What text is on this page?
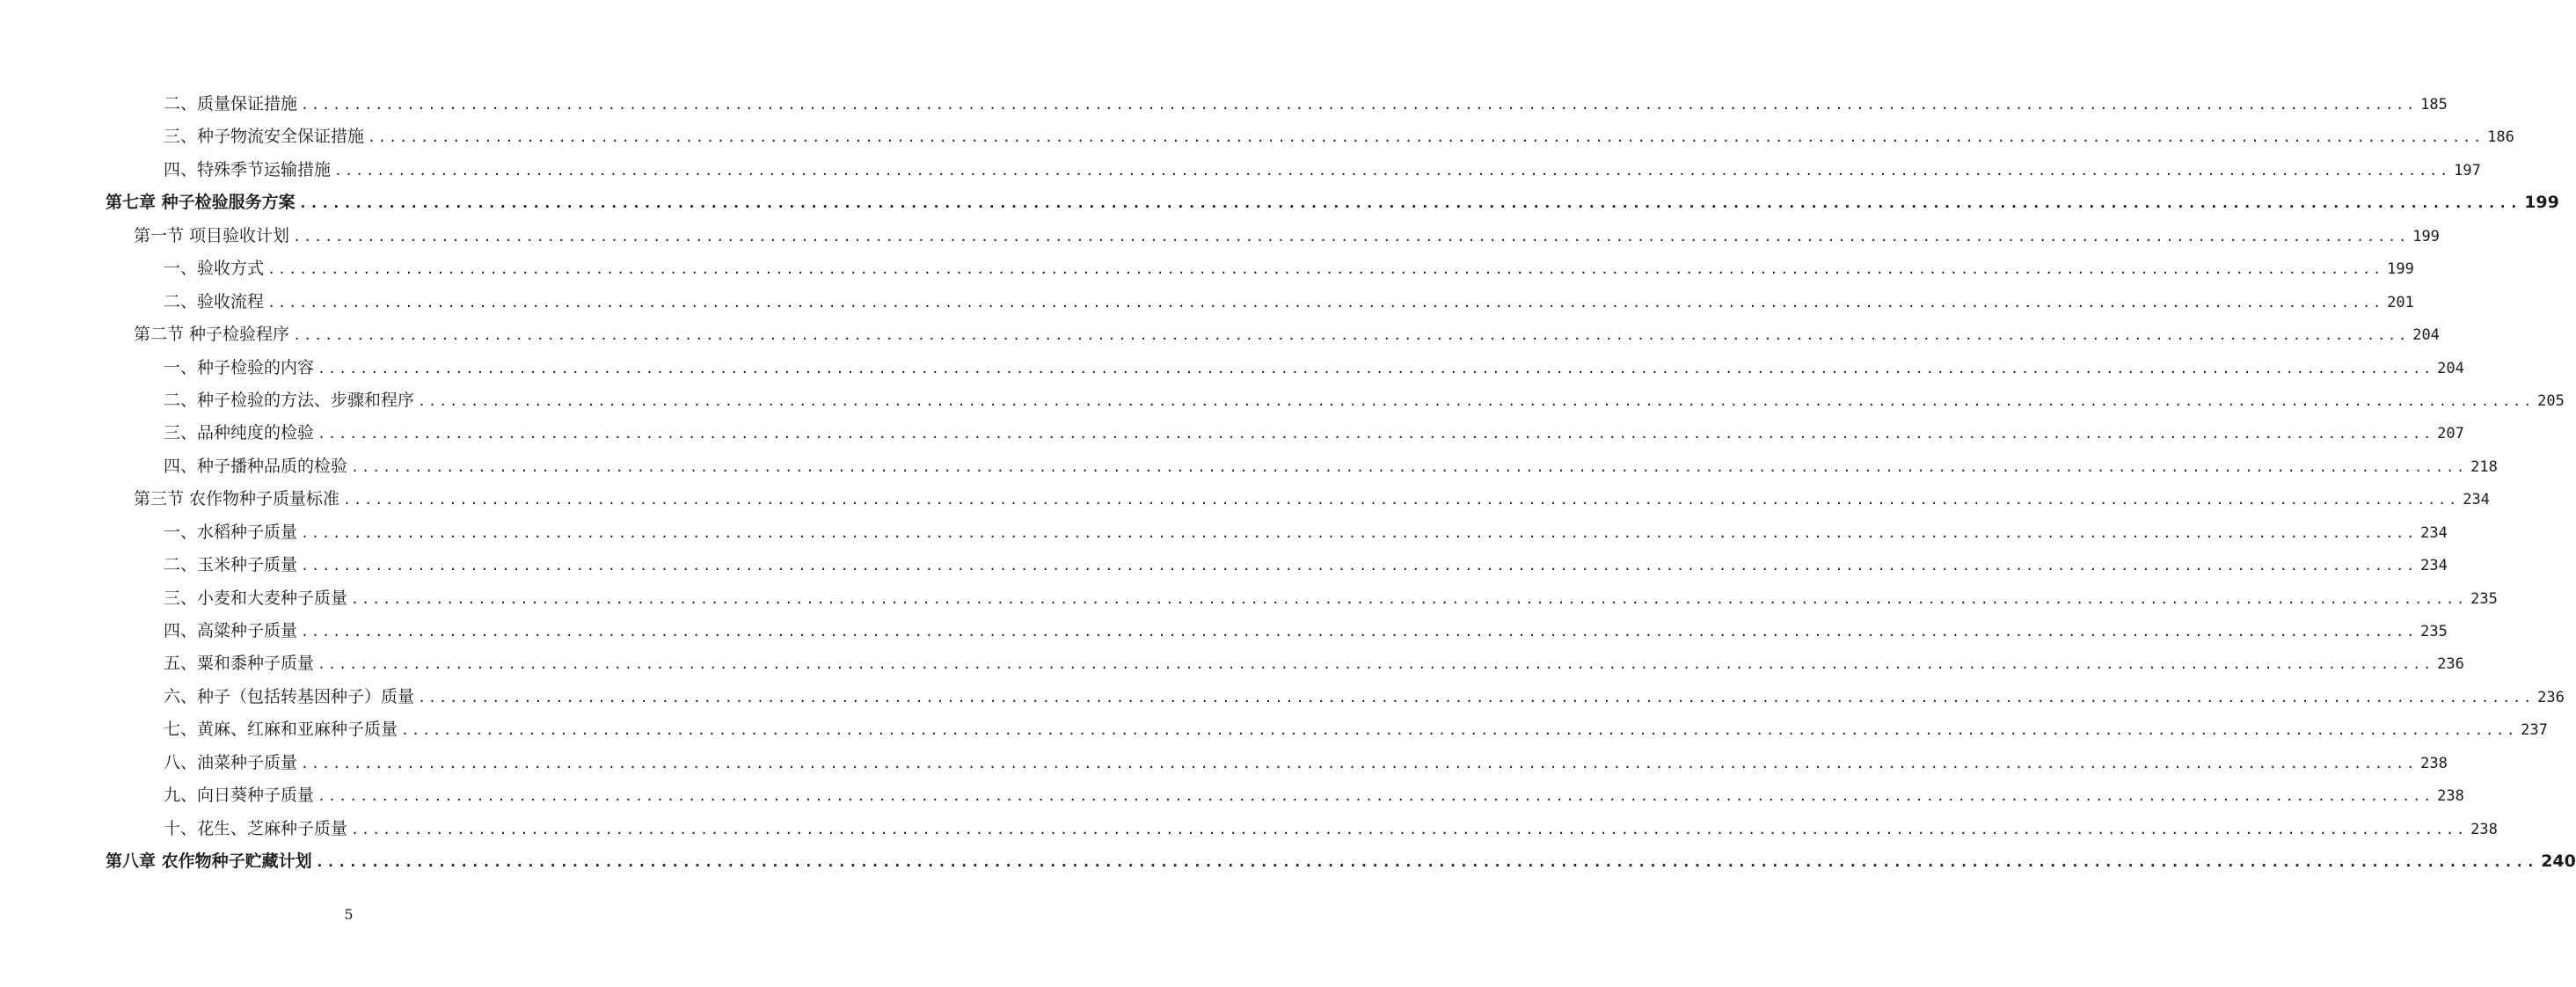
二、质量保证措施 ........................................................................................................................................................................................................ 185
三、种子物流安全保证措施 ........................................................................................................................................................................................................ 186
四、特殊季节运输措施 ........................................................................................................................................................................................................ 197
第七章 种子检验服务方案 ........................................................................................................................................................................................................ 199
第一节 项目验收计划 ........................................................................................................................................................................................................ 199
一、验收方式 ........................................................................................................................................................................................................ 199
二、验收流程 ........................................................................................................................................................................................................ 201
第二节 种子检验程序 ........................................................................................................................................................................................................ 204
一、种子检验的内容 ........................................................................................................................................................................................................ 204
二、种子检验的方法、步骤和程序 ........................................................................................................................................................................................................ 205
三、品种纯度的检验 ........................................................................................................................................................................................................ 207
四、种子播种品质的检验 ........................................................................................................................................................................................................ 218
第三节 农作物种子质量标准 ........................................................................................................................................................................................................ 234
一、水稻种子质量 ........................................................................................................................................................................................................ 234
二、玉米种子质量 ........................................................................................................................................................................................................ 234
三、小麦和大麦种子质量 ........................................................................................................................................................................................................ 235
四、高粱种子质量 ........................................................................................................................................................................................................ 235
五、粟和黍种子质量 ........................................................................................................................................................................................................ 236
六、种子（包括转基因种子）质量 ........................................................................................................................................................................................................ 236
七、黄麻、红麻和亚麻种子质量 ........................................................................................................................................................................................................ 237
八、油菜种子质量 ........................................................................................................................................................................................................ 238
九、向日葵种子质量 ........................................................................................................................................................................................................ 238
十、花生、芝麻种子质量 ........................................................................................................................................................................................................ 238
第八章 农作物种子贮藏计划 ........................................................................................................................................................................................................ 240
5
